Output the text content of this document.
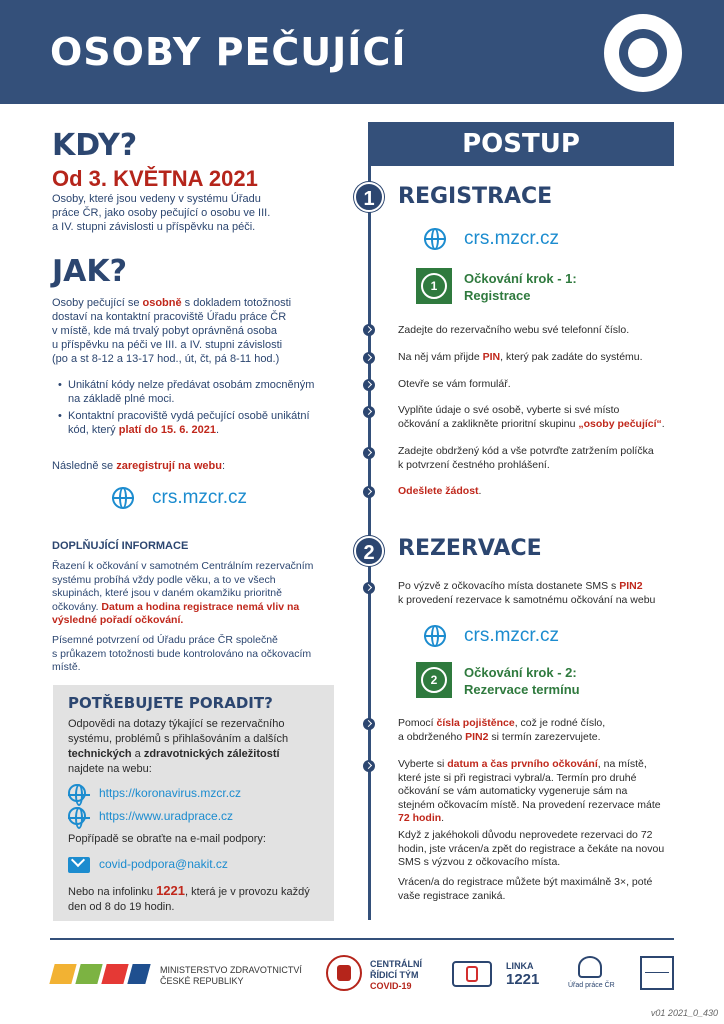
OSOBY PEČUJÍCÍ
KDY?
Od 3. KVĚTNA 2021
Osoby, které jsou vedeny v systému Úřadu
práce ČR, jako osoby pečující o osobu ve III.
a IV. stupni závislosti u příspěvku na péči.
JAK?
Osoby pečující se osobně s dokladem totožnosti
dostaví na kontaktní pracoviště Úřadu práce ČR
v místě, kde má trvalý pobyt oprávněná osoba
u příspěvku na péči ve III. a IV. stupni závislosti
(po a st 8-12 a 13-17 hod., út, čt, pá 8-11 hod.)
• Unikátní kódy nelze předávat osobám zmocněným
na základě plné moci.
• Kontaktní pracoviště vydá pečující osobě unikátní
kód, který platí do 15. 6. 2021.
Následně se zaregistrují na webu:
crs.mzcr.cz
DOPLŇUJÍCÍ INFORMACE
Řazení k očkování v samotném Centrálním rezervačním
systému probíhá vždy podle věku, a to ve všech
skupinách, které jsou v daném okamžiku prioritně
očkovány. Datum a hodina registrace nemá vliv na
výsledné pořadí očkování.
Písemné potvrzení od Úřadu práce ČR společně
s průkazem totožnosti bude kontrolováno na očkovacím
místě.
POTŘEBUJETE PORADIT?
Odpovědi na dotazy týkající se rezervačního
systému, problémů s přihlašováním a dalších
technických a zdravotnických záležitostí
najdete na webu:
https://koronavirus.mzcr.cz
https://www.uradprace.cz
Popřípadě se obraťte na e-mail podpory:
covid-podpora@nakit.cz
Nebo na infolinku 1221, která je v provozu každý
den od 8 do 19 hodin.
POSTUP
1	REGISTRACE
crs.mzcr.cz
1	Očkování krok - 1:
Registrace
Zadejte do rezervačního webu své telefonní číslo.
Na něj vám přijde PIN, který pak zadáte do systému.
Otevře se vám formulář.
Vyplňte údaje o své osobě, vyberte si své místo
očkování a zaklikněte prioritní skupinu „osoby pečující“.
Zadejte obdržený kód a vše potvrďte zatržením políčka
k potvrzení čestného prohlášení.
Odešlete žádost.
2	REZERVACE
Po výzvě z očkovacího místa dostanete SMS s PIN2
k provedení rezervace k samotnému očkování na webu
crs.mzcr.cz
2	Očkování krok - 2:
Rezervace termínu
Pomocí čísla pojištěnce, což je rodné číslo,
a obdrženého PIN2 si termín zarezervujete.
Vyberte si datum a čas prvního očkování, na místě,
které jste si při registraci vybral/a. Termín pro druhé
očkování se vám automaticky vygeneruje sám na
stejném očkovacím místě. Na provedení rezervace máte
72 hodin.
Když z jakéhokoli důvodu neprovedete rezervaci do 72
hodin, jste vrácen/a zpět do registrace a čekáte na novou
SMS s výzvou z očkovacího místa.
Vrácen/a do registrace můžete být maximálně 3×, poté
vaše registrace zaniká.
MINISTERSTVO ZDRAVOTNICTVÍ
ČESKÉ REPUBLIKY
CENTRÁLNÍ
ŘÍDICÍ TÝM
COVID-19
LINKA
1221	Úřad práce ČR
v01 2021_0_430
